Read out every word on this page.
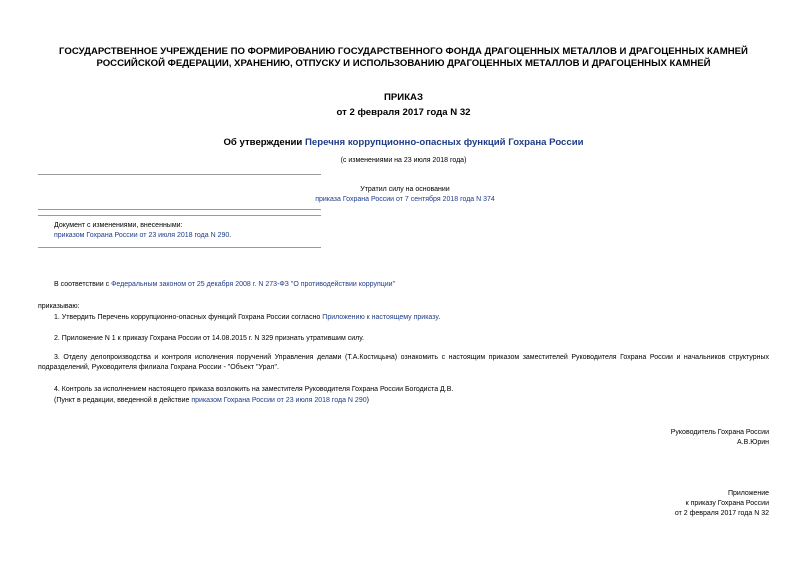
ГОСУДАРСТВЕННОЕ УЧРЕЖДЕНИЕ ПО ФОРМИРОВАНИЮ ГОСУДАРСТВЕННОГО ФОНДА ДРАГОЦЕННЫХ МЕТАЛЛОВ И ДРАГОЦЕННЫХ КАМНЕЙ РОССИЙСКОЙ ФЕДЕРАЦИИ, ХРАНЕНИЮ, ОТПУСКУ И ИСПОЛЬЗОВАНИЮ ДРАГОЦЕННЫХ МЕТАЛЛОВ И ДРАГОЦЕННЫХ КАМНЕЙ
ПРИКАЗ
от 2 февраля 2017 года N 32
Об утверждении Перечня коррупционно-опасных функций Гохрана России
(с изменениями на 23 июля 2018 года)
Утратил силу на основании
приказа Гохрана России от 7 сентября 2018 года N 374
Документ с изменениями, внесенными:
приказом Гохрана России от 23 июля 2018 года N 290.
В соответствии с Федеральным законом от 25 декабря 2008 г. N 273-ФЗ "О противодействии коррупции"
приказываю:
1. Утвердить Перечень коррупционно-опасных функций Гохрана России согласно Приложению к настоящему приказу.
2. Приложение N 1 к приказу Гохрана России от 14.08.2015 г. N 329 признать утратившим силу.
3. Отделу делопроизводства и контроля исполнения поручений Управления делами (Т.А.Костицына) ознакомить с настоящим приказом заместителей Руководителя Гохрана России и начальников структурных подразделений, Руководителя филиала Гохрана России - "Объект "Урал".
4. Контроль за исполнением настоящего приказа возложить на заместителя Руководителя Гохрана России Богодиста Д.В.
(Пункт в редакции, введенной в действие приказом Гохрана России от 23 июля 2018 года N 290)
Руководитель Гохрана России
А.В.Юрин
Приложение
к приказу Гохрана России
от 2 февраля 2017 года N 32
